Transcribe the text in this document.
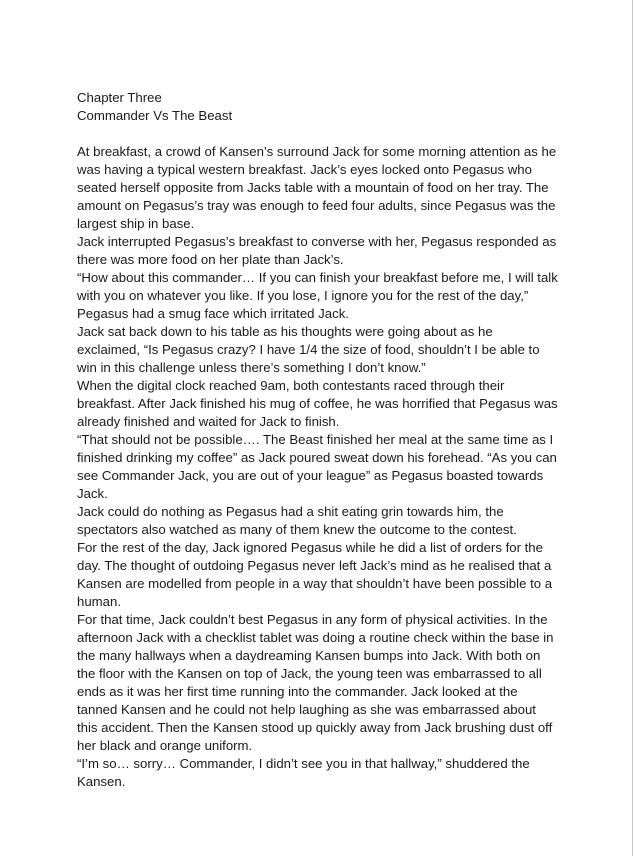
Chapter Three
Commander Vs The Beast

At breakfast, a crowd of Kansen’s surround Jack for some morning attention as he was having a typical western breakfast. Jack’s eyes locked onto Pegasus who seated herself opposite from Jacks table with a mountain of food on her tray. The amount on Pegasus’s tray was enough to feed four adults, since Pegasus was the largest ship in base.

Jack interrupted Pegasus’s breakfast to converse with her, Pegasus responded as there was more food on her plate than Jack’s.

“How about this commander… If you can finish your breakfast before me, I will talk with you on whatever you like. If you lose, I ignore you for the rest of the day,” Pegasus had a smug face which irritated Jack.

Jack sat back down to his table as his thoughts were going about as he exclaimed, “Is Pegasus crazy? I have 1/4 the size of food, shouldn’t I be able to win in this challenge unless there’s something I don’t know.”

When the digital clock reached 9am, both contestants raced through their breakfast. After Jack finished his mug of coffee, he was horrified that Pegasus was already finished and waited for Jack to finish.

“That should not be possible…. The Beast finished her meal at the same time as I finished drinking my coffee” as Jack poured sweat down his forehead. “As you can see Commander Jack, you are out of your league” as Pegasus boasted towards Jack.

Jack could do nothing as Pegasus had a shit eating grin towards him, the spectators also watched as many of them knew the outcome to the contest.

For the rest of the day, Jack ignored Pegasus while he did a list of orders for the day. The thought of outdoing Pegasus never left Jack’s mind as he realised that a Kansen are modelled from people in a way that shouldn’t have been possible to a human.

For that time, Jack couldn’t best Pegasus in any form of physical activities. In the afternoon Jack with a checklist tablet was doing a routine check within the base in the many hallways when a daydreaming Kansen bumps into Jack. With both on the floor with the Kansen on top of Jack, the young teen was embarrassed to all ends as it was her first time running into the commander. Jack looked at the tanned Kansen and he could not help laughing as she was embarrassed about this accident. Then the Kansen stood up quickly away from Jack brushing dust off her black and orange uniform.

“I’m so… sorry… Commander, I didn’t see you in that hallway,” shuddered the Kansen.
